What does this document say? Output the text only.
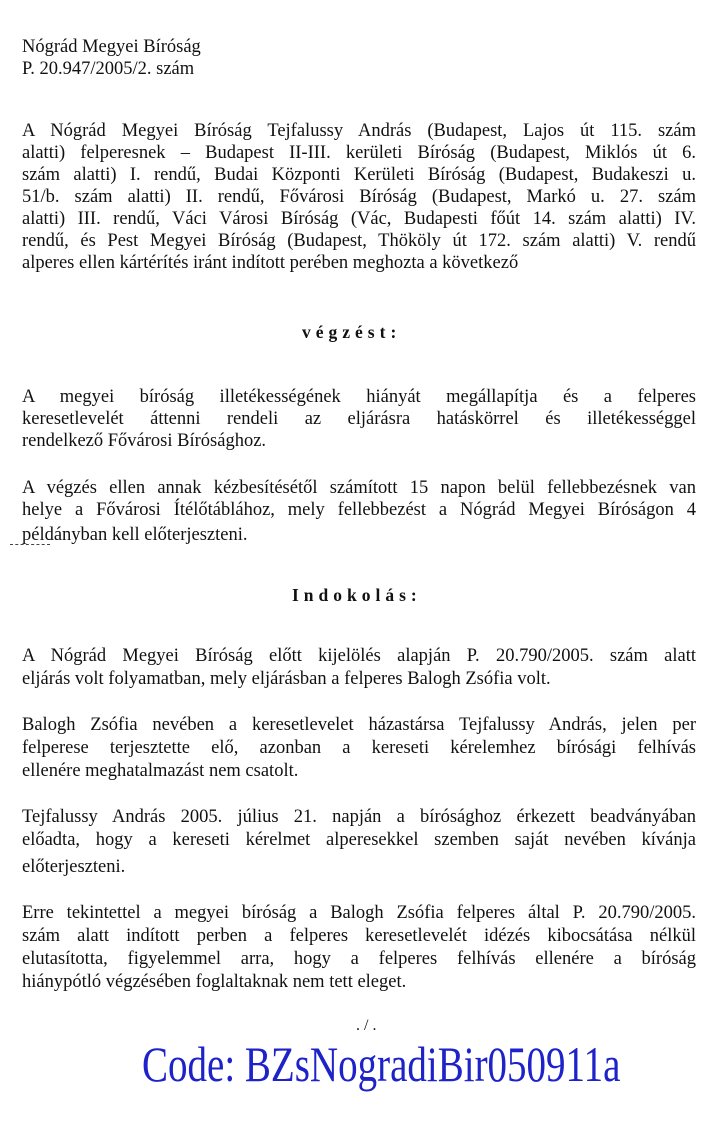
Nógrád Megyei Bíróság
P. 20.947/2005/2. szám
A Nógrád Megyei Bíróság Tejfalussy András (Budapest, Lajos út 115. szám
alatti) felperesnek – Budapest II-III. kerületi Bíróság (Budapest, Miklós út 6.
szám alatti) I. rendű, Budai Központi Kerületi Bíróság (Budapest, Budakeszi u.
51/b. szám alatti) II. rendű, Fővárosi Bíróság (Budapest, Markó u. 27. szám
alatti) III. rendű, Váci Városi Bíróság (Vác, Budapesti főút 14. szám alatti) IV.
rendű, és Pest Megyei Bíróság (Budapest, Thököly út 172. szám alatti) V. rendű
alperes ellen kártérítés iránt indított perében meghozta a következő
végzést:
A megyei bíróság illetékességének hiányát megállapítja és a felperes
keresetlevelét áttenni rendeli az eljárásra hatáskörrel és illetékességgel
rendelkező Fővárosi Bírósághoz.
A végzés ellen annak kézbesítésétől számított 15 napon belül fellebbezésnek van
helye a Fővárosi Ítélőtáblához, mely fellebbezést a Nógrád Megyei Bíróságon 4
példányban kell előterjeszteni.
Indokolás:
A Nógrád Megyei Bíróság előtt kijelölés alapján P. 20.790/2005. szám alatt
eljárás volt folyamatban, mely eljárásban a felperes Balogh Zsófia volt.
Balogh Zsófia nevében a keresetlevelet házastársa Tejfalussy András, jelen per
felperese terjesztette elő, azonban a kereseti kérelemhez bírósági felhívás
ellenére meghatalmazást nem csatolt.
Tejfalussy András 2005. július 21. napján a bírósághoz érkezett beadványában
előadta, hogy a kereseti kérelmet alperesekkel szemben saját nevében kívánja
előterjeszteni.
Erre tekintettel a megyei bíróság a Balogh Zsófia felperes által P. 20.790/2005.
szám alatt indított perben a felperes keresetlevelét idézés kibocsátása nélkül
elutasította, figyelemmel arra, hogy a felperes felhívás ellenére a bíróság
hiánypótló végzésében foglaltaknak nem tett eleget.
. / .
Code: BZsNogradiBir050911a
